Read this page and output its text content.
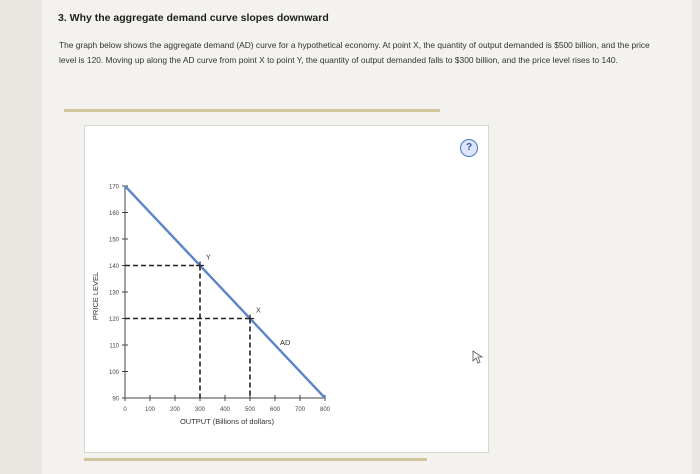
3. Why the aggregate demand curve slopes downward
The graph below shows the aggregate demand (AD) curve for a hypothetical economy. At point X, the quantity of output demanded is $500 billion, and the price level is 120. Moving up along the AD curve from point X to point Y, the quantity of output demanded falls to $300 billion, and the price level rises to 140.
?
PRICE LEVEL
OUTPUT (Billions of dollars)
90
100
110
120
130
140
150
160
170
0	100 200 300 400 500 600 700 800
Y
X
AD
